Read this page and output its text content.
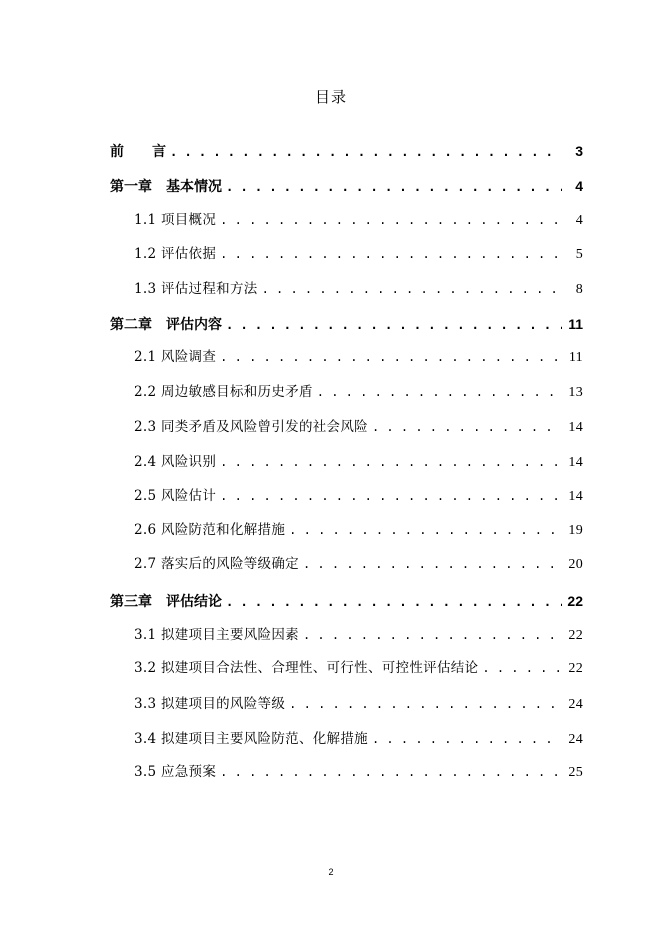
目录
前　　言 . . .	3
第一章　基本情况 . . .	4
1.1 项目概况 . . .	4
1.2 评估依据 . . .	5
1.3 评估过程和方法 . . .	8
第二章　评估内容 . . .	11
2.1 风险调查 . . .	11
2.2 周边敏感目标和历史矛盾 . . .	13
2.3 同类矛盾及风险曾引发的社会风险 . . .	14
2.4 风险识别 . . .	14
2.5 风险估计 . . .	14
2.6 风险防范和化解措施 . . .	19
2.7 落实后的风险等级确定 . . .	20
第三章　评估结论 . . .	22
3.1 拟建项目主要风险因素 . . .	22
3.2 拟建项目合法性、合理性、可行性、可控性评估结论 . . .	22
3.3 拟建项目的风险等级 . . .	24
3.4 拟建项目主要风险防范、化解措施 . . .	24
3.5 应急预案 . . .	25
2
